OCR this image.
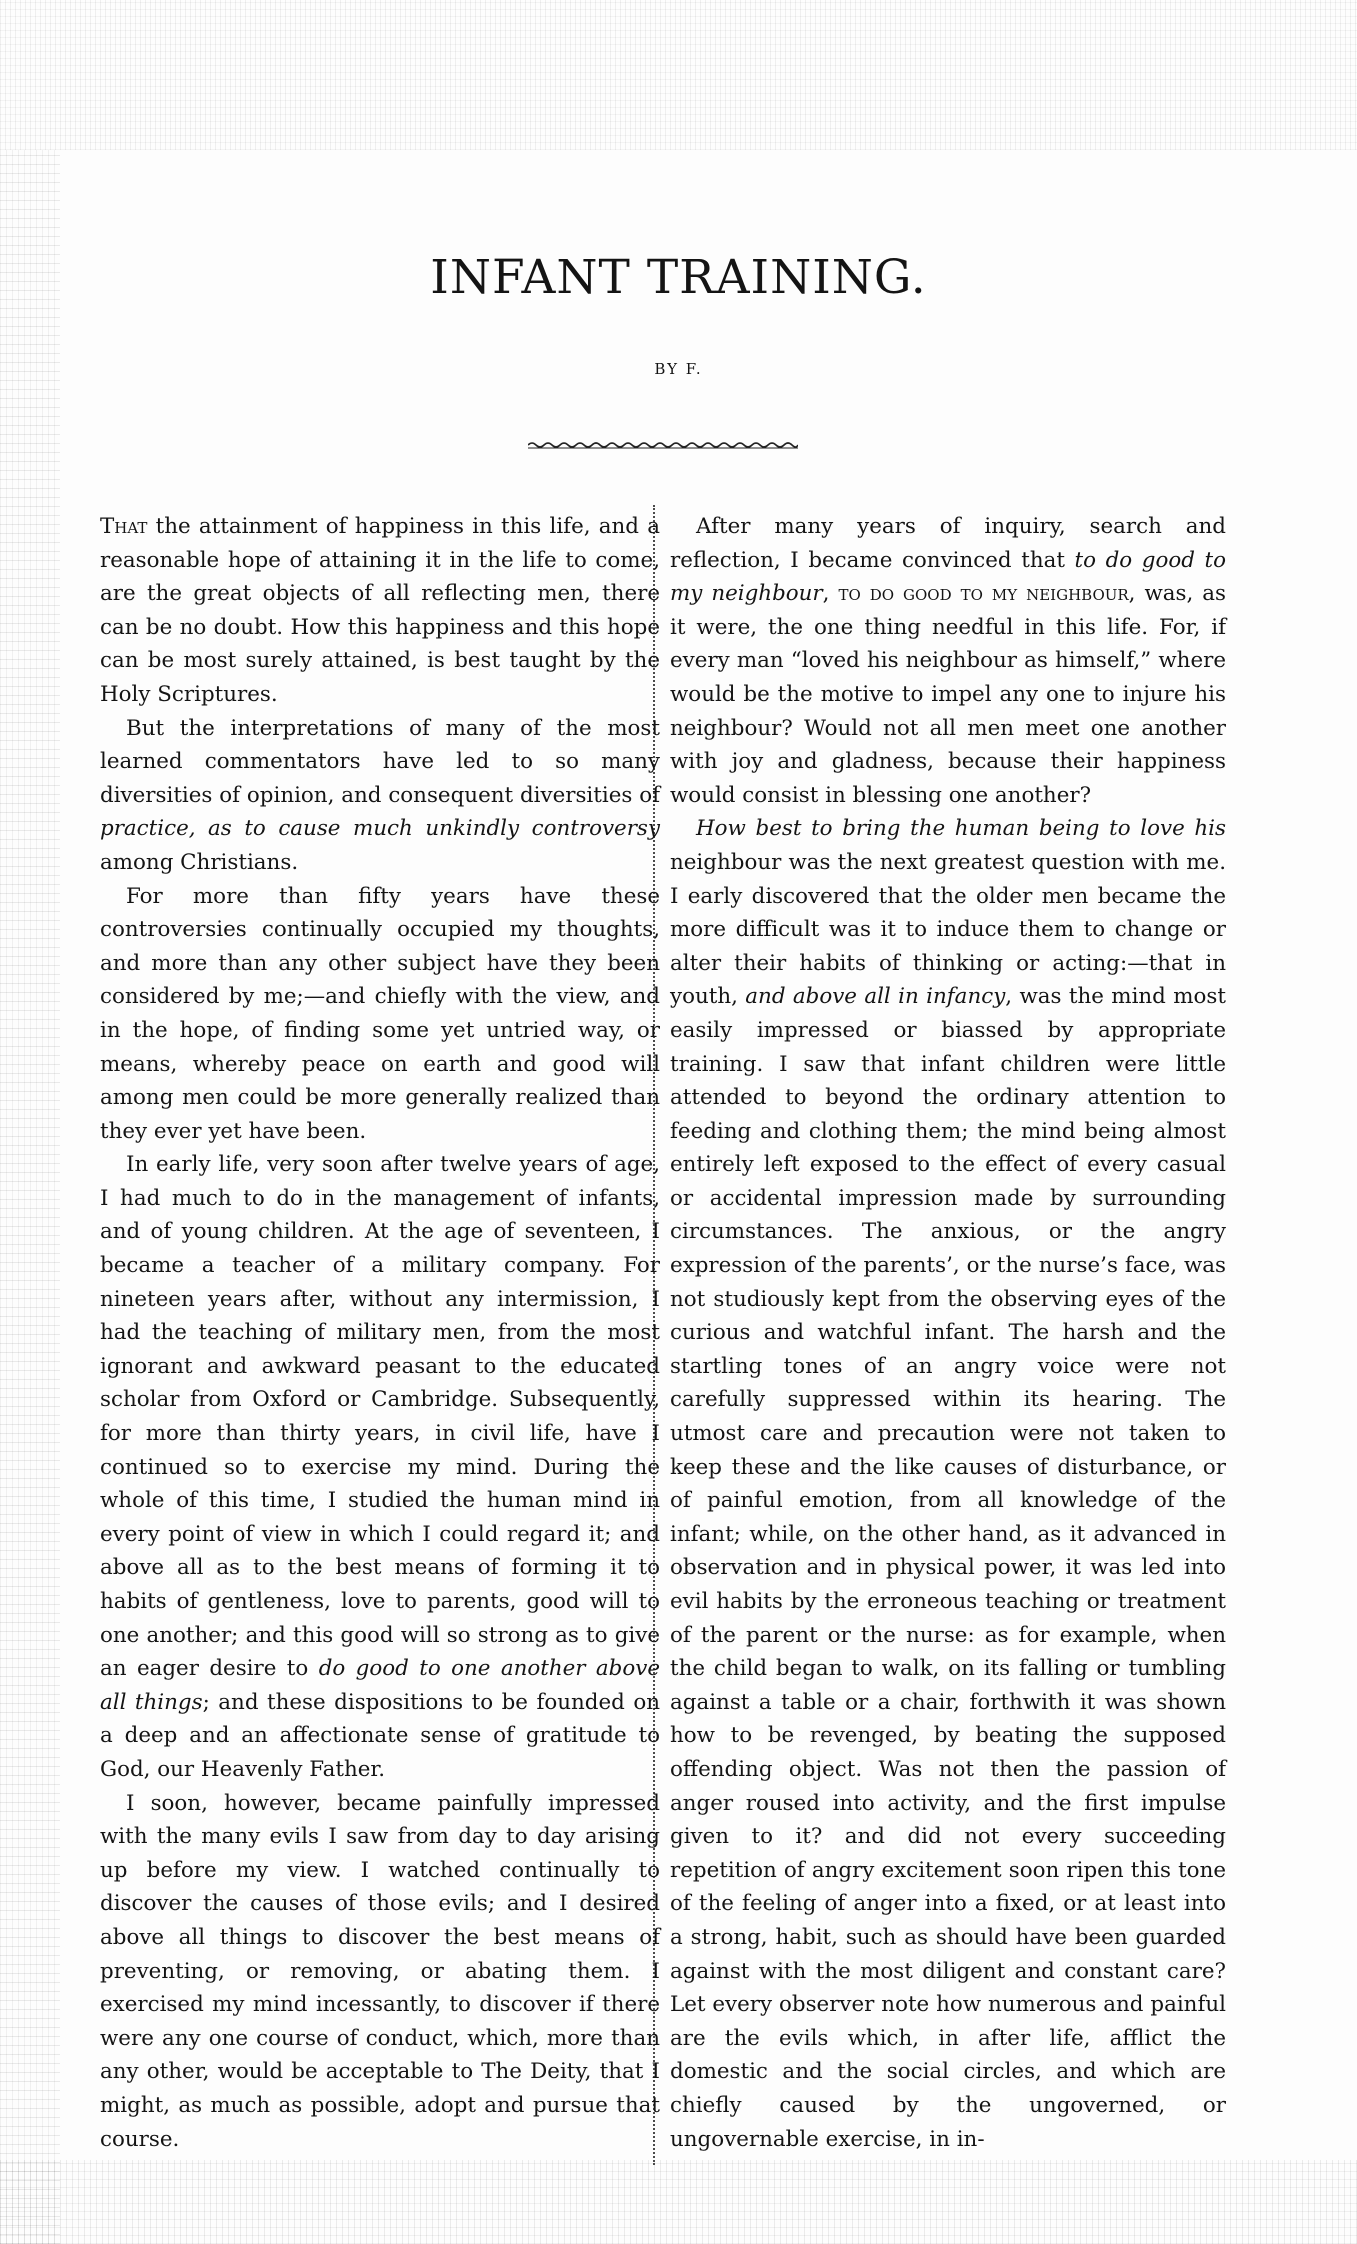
INFANT TRAINING.
BY F.

That the attainment of happiness in this life, and a reasonable hope of attaining it in the life to come, are the great objects of all reflecting men, there can be no doubt. How this happiness and this hope can be most surely attained, is best taught by the Holy Scriptures.

But the interpretations of many of the most learned commentators have led to so many diversities of opinion, and consequent diversities of practice, as to cause much unkindly controversy among Christians.

For more than fifty years have these controversies continually occupied my thoughts, and more than any other subject have they been considered by me;—and chiefly with the view, and in the hope, of finding some yet untried way, or means, whereby peace on earth and good will among men could be more generally realized than they ever yet have been.

In early life, very soon after twelve years of age, I had much to do in the management of infants, and of young children. At the age of seventeen, I became a teacher of a military company. For nineteen years after, without any intermission, I had the teaching of military men, from the most ignorant and awkward peasant to the educated scholar from Oxford or Cambridge. Subsequently, for more than thirty years, in civil life, have I continued so to exercise my mind. During the whole of this time, I studied the human mind in every point of view in which I could regard it; and above all as to the best means of forming it to habits of gentleness, love to parents, good will to one another; and this good will so strong as to give an eager desire to do good to one another above all things; and these dispositions to be founded on a deep and an affectionate sense of gratitude to God, our Heavenly Father.

I soon, however, became painfully impressed with the many evils I saw from day to day arising up before my view. I watched continually to discover the causes of those evils; and I desired above all things to discover the best means of preventing, or removing, or abating them. I exercised my mind incessantly, to discover if there were any one course of conduct, which, more than any other, would be acceptable to The Deity, that I might, as much as possible, adopt and pursue that course.

After many years of inquiry, search and reflection, I became convinced that to do good to my neighbour, to do good to my neighbour, was, as it were, the one thing needful in this life. For, if every man “loved his neighbour as himself,” where would be the motive to impel any one to injure his neighbour? Would not all men meet one another with joy and gladness, because their happiness would consist in blessing one another?

How best to bring the human being to love his neighbour was the next greatest question with me. I early discovered that the older men became the more difficult was it to induce them to change or alter their habits of thinking or acting:—that in youth, and above all in infancy, was the mind most easily impressed or biassed by appropriate training. I saw that infant children were little attended to beyond the ordinary attention to feeding and clothing them; the mind being almost entirely left exposed to the effect of every casual or accidental impression made by surrounding circumstances. The anxious, or the angry expression of the parents’, or the nurse’s face, was not studiously kept from the observing eyes of the curious and watchful infant. The harsh and the startling tones of an angry voice were not carefully suppressed within its hearing. The utmost care and precaution were not taken to keep these and the like causes of disturbance, or of painful emotion, from all knowledge of the infant; while, on the other hand, as it advanced in observation and in physical power, it was led into evil habits by the erroneous teaching or treatment of the parent or the nurse: as for example, when the child began to walk, on its falling or tumbling against a table or a chair, forthwith it was shown how to be revenged, by beating the supposed offending object. Was not then the passion of anger roused into activity, and the first impulse given to it? and did not every succeeding repetition of angry excitement soon ripen this tone of the feeling of anger into a fixed, or at least into a strong, habit, such as should have been guarded against with the most diligent and constant care? Let every observer note how numerous and painful are the evils which, in after life, afflict the domestic and the social circles, and which are chiefly caused by the ungoverned, or ungovernable exercise, in in-
